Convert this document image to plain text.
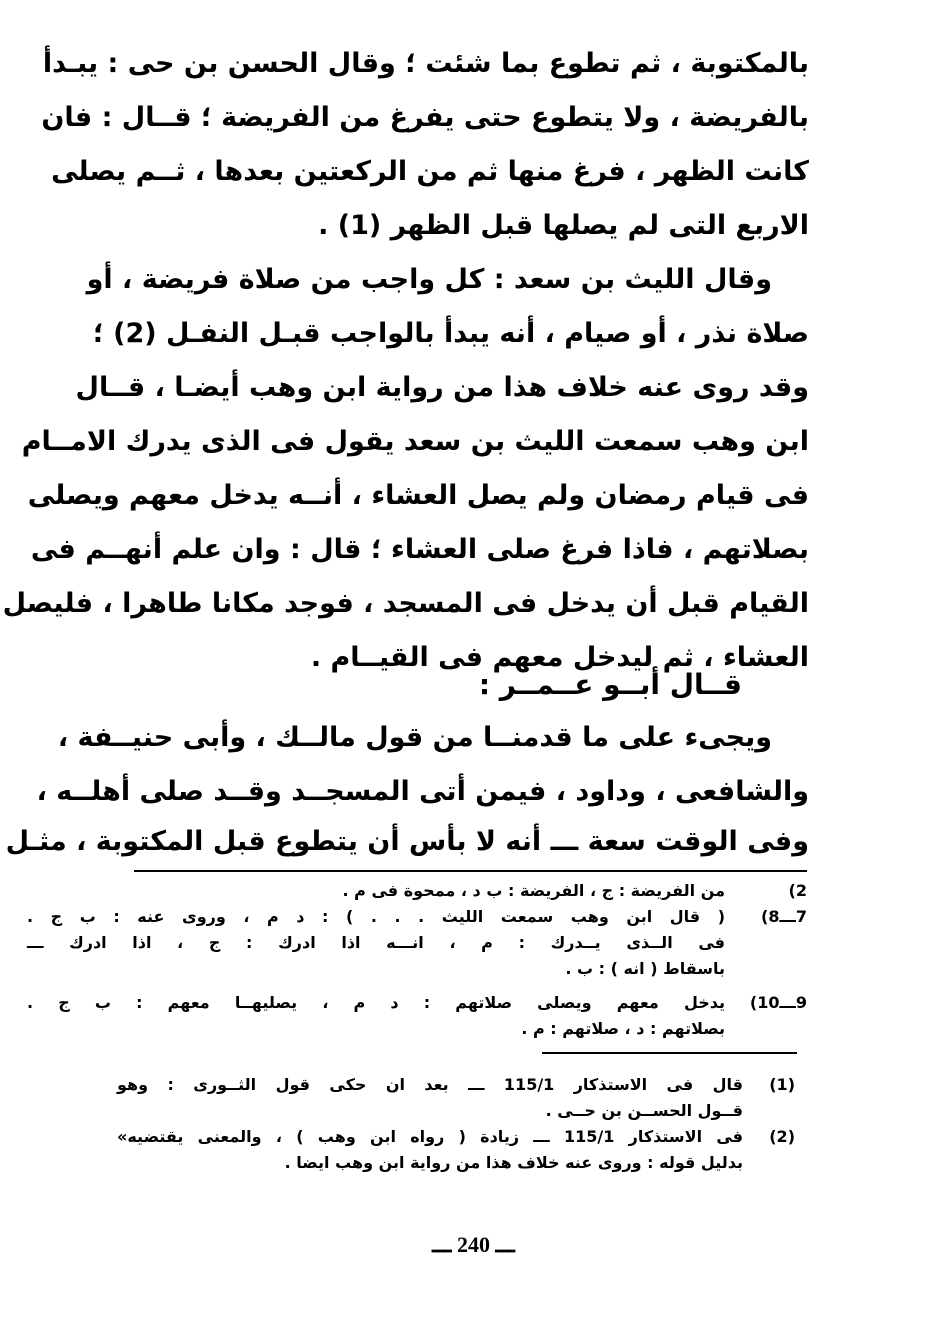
بالمكتوبة ، ثم تطوع بما شئت ؛ وقال الحسن بن حى : يبـدأ
بالفريضة ، ولا يتطوع حتى يفرغ من الفريضة ؛ قــال : فان
كانت الظهر ، فرغ منها ثم من الركعتين بعدها ، ثــم يصلى
الاربع التى لم يصلها قبل الظهر (1) .
وقال الليث بن سعد : كل واجب من صلاة فريضة ، أو
صلاة نذر ، أو صيام ، أنه يبدأ بالواجب قبـل النفـل (2) ؛
وقد روى عنه خلاف هذا من رواية ابن وهب أيضـا ، قــال
ابن وهب سمعت الليث بن سعد يقول فى الذى يدرك الامــام
فى قيام رمضان ولم يصل العشاء ، أنــه يدخل معهم ويصلى
بصلاتهم ، فاذا فرغ صلى العشاء ؛ قال : وان علم أنهــم فى
القيام قبل أن يدخل فى المسجد ، فوجد مكانا طاهرا ، فليصل
العشاء ، ثم ليدخل معهم فى القيــام .
قــال أبــو عــمــر :
ويجىء على ما قدمنــا من قول مالــك ، وأبى حنيــفة ،
والشافعى ، وداود ، فيمن أتى المسجــد وقــد صلى أهلــه ،
وفى الوقت سعة ـــ أنه لا بأس أن يتطوع قبل المكتوبة ، مثـل
2)
من الفريضة : ج ، الفريضة : ب د ، ممحوة فى م .
7ـــ8)
( قال ابن وهب سمعت الليث . . . ) : د م ، وروى عنه : ب ج .
فى الــذى يــدرك : م ، انـــه اذا ادرك : ج ، اذا ادرك ـــ
باسقاط ( انه ) : ب .
9ـــ10)
يدخل معهم ويصلى صلاتهم : د م ، يصليهــا معهم : ب ج .
بصلاتهم : د ، صلاتهم : م .
(1)
قال فى الاستذكار 115/1 ـــ بعد ان حكى قول الثــورى : وهو
قــول الحســن بن حــى .
(2)
فى الاستذكار 115/1 ـــ زيادة ( رواه ابن وهب ) ، والمعنى يقتضيه»
بدليل قوله : وروى عنه خلاف هذا من رواية ابن وهب ايضا .
ـــ 240 ـــ
